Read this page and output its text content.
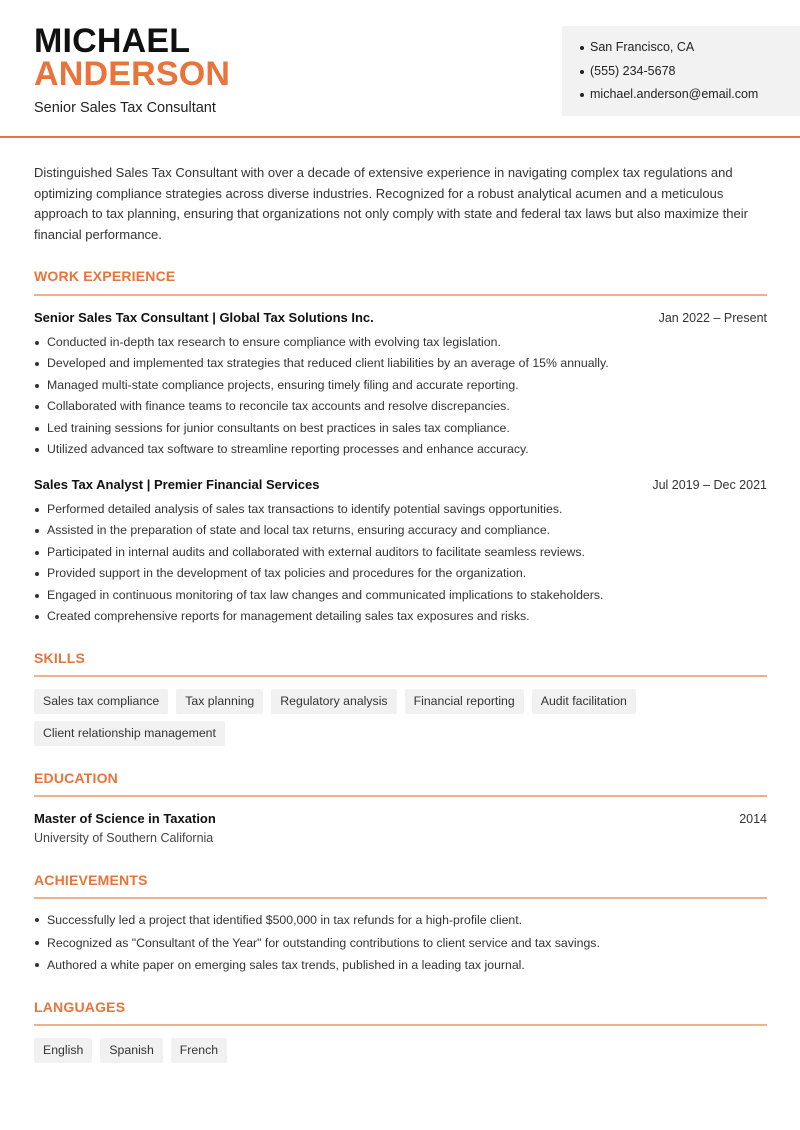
MICHAEL
ANDERSON
Senior Sales Tax Consultant
San Francisco, CA
(555) 234-5678
michael.anderson@email.com

Distinguished Sales Tax Consultant with over a decade of extensive experience in navigating complex tax regulations and optimizing compliance strategies across diverse industries. Recognized for a robust analytical acumen and a meticulous approach to tax planning, ensuring that organizations not only comply with state and federal tax laws but also maximize their financial performance.

WORK EXPERIENCE
Senior Sales Tax Consultant | Global Tax Solutions Inc.	Jan 2022 – Present
Conducted in-depth tax research to ensure compliance with evolving tax legislation.
Developed and implemented tax strategies that reduced client liabilities by an average of 15% annually.
Managed multi-state compliance projects, ensuring timely filing and accurate reporting.
Collaborated with finance teams to reconcile tax accounts and resolve discrepancies.
Led training sessions for junior consultants on best practices in sales tax compliance.
Utilized advanced tax software to streamline reporting processes and enhance accuracy.
Sales Tax Analyst | Premier Financial Services	Jul 2019 – Dec 2021
Performed detailed analysis of sales tax transactions to identify potential savings opportunities.
Assisted in the preparation of state and local tax returns, ensuring accuracy and compliance.
Participated in internal audits and collaborated with external auditors to facilitate seamless reviews.
Provided support in the development of tax policies and procedures for the organization.
Engaged in continuous monitoring of tax law changes and communicated implications to stakeholders.
Created comprehensive reports for management detailing sales tax exposures and risks.
SKILLS
Sales tax compliance	Tax planning	Regulatory analysis	Financial reporting	Audit facilitation
Client relationship management
EDUCATION
Master of Science in Taxation	2014
University of Southern California
ACHIEVEMENTS
Successfully led a project that identified $500,000 in tax refunds for a high-profile client.
Recognized as "Consultant of the Year" for outstanding contributions to client service and tax savings.
Authored a white paper on emerging sales tax trends, published in a leading tax journal.
LANGUAGES
English	Spanish	French
